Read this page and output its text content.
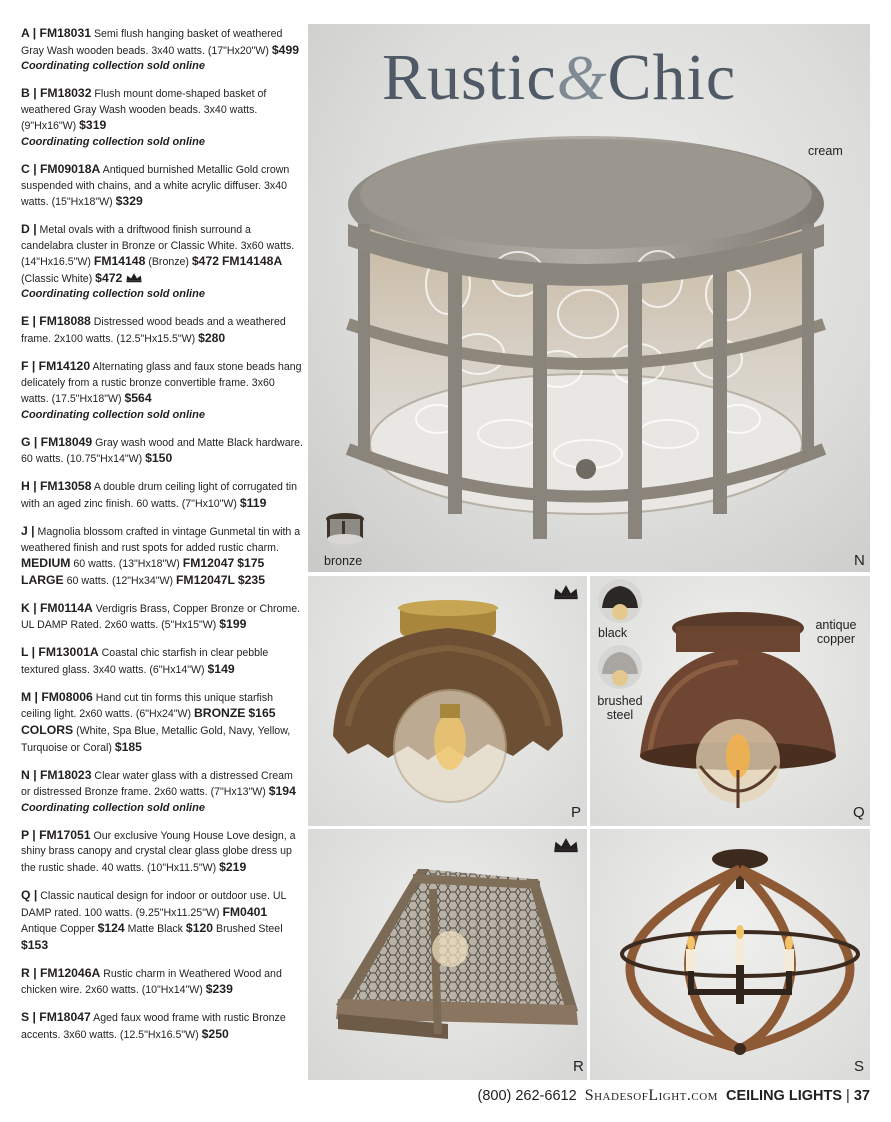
A | FM18031 Semi flush hanging basket of weathered Gray Wash wooden beads. 3x40 watts. (17"Hx20"W) $499
Coordinating collection sold online
B | FM18032 Flush mount dome-shaped basket of weathered Gray Wash wooden beads. 3x40 watts. (9"Hx16"W) $319
Coordinating collection sold online
C | FM09018A Antiqued burnished Metallic Gold crown suspended with chains, and a white acrylic diffuser. 3x40 watts. (15"Hx18"W) $329
D | Metal ovals with a driftwood finish surround a candelabra cluster in Bronze or Classic White. 3x60 watts. (14"Hx16.5"W) FM14148 (Bronze) $472 FM14148A (Classic White) $472
Coordinating collection sold online
E | FM18088 Distressed wood beads and a weathered frame. 2x100 watts. (12.5"Hx15.5"W) $280
F | FM14120 Alternating glass and faux stone beads hang delicately from a rustic bronze convertible frame. 3x60 watts. (17.5"Hx18"W) $564
Coordinating collection sold online
G | FM18049 Gray wash wood and Matte Black hardware. 60 watts. (10.75"Hx14"W) $150
H | FM13058 A double drum ceiling light of corrugated tin with an aged zinc finish. 60 watts. (7"Hx10"W) $119
J | Magnolia blossom crafted in vintage Gunmetal tin with a weathered finish and rust spots for added rustic charm. MEDIUM 60 watts. (13"Hx18"W) FM12047 $175 LARGE 60 watts. (12"Hx34"W) FM12047L $235
K | FM0114A Verdigris Brass, Copper Bronze or Chrome. UL DAMP Rated. 2x60 watts. (5"Hx15"W) $199
L | FM13001A Coastal chic starfish in clear pebble textured glass. 3x40 watts. (6"Hx14"W) $149
M | FM08006 Hand cut tin forms this unique starfish ceiling light. 2x60 watts. (6"Hx24"W) BRONZE $165 COLORS (White, Spa Blue, Metallic Gold, Navy, Yellow, Turquoise or Coral) $185
N | FM18023 Clear water glass with a distressed Cream or distressed Bronze frame. 2x60 watts. (7"Hx13"W) $194
Coordinating collection sold online
P | FM17051 Our exclusive Young House Love design, a shiny brass canopy and crystal clear glass globe dress up the rustic shade. 40 watts. (10"Hx11.5"W) $219
Q | Classic nautical design for indoor or outdoor use. UL DAMP rated. 100 watts. (9.25"Hx11.25"W) FM0401 Antique Copper $124 Matte Black $120 Brushed Steel $153
R | FM12046A Rustic charm in Weathered Wood and chicken wire. 2x60 watts. (10"Hx14"W) $239
S | FM18047 Aged faux wood frame with rustic Bronze accents. 3x60 watts. (12.5"Hx16.5"W) $250
bronze
cream
N
Rustic&Chic
P
black
brushed steel
antique copper
Q
R	S
(800) 262-6612 ShadesofLight.com CEILING LIGHTS | 37
